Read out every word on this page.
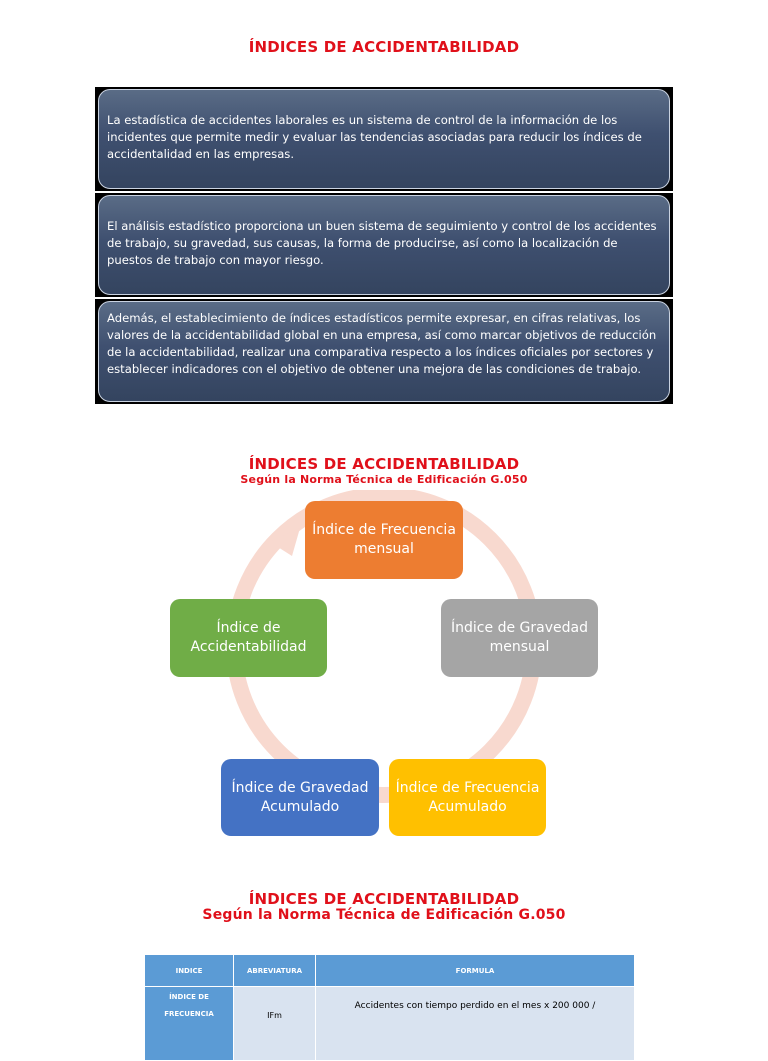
ÍNDICES DE ACCIDENTABILIDAD
La estadística de accidentes laborales es un sistema de control de la información de los incidentes que permite medir y evaluar las tendencias asociadas para reducir los índices de accidentalidad en las empresas.
El análisis estadístico proporciona un buen sistema de seguimiento y control de los accidentes de trabajo, su gravedad, sus causas, la forma de producirse, así como la localización de puestos de trabajo con mayor riesgo.
Además, el establecimiento de índices estadísticos permite expresar, en cifras relativas, los valores de la accidentabilidad global en una empresa, así como marcar objetivos de reducción de la accidentabilidad, realizar una comparativa respecto a los índices oficiales por sectores y establecer indicadores con el objetivo de obtener una mejora de las condiciones de trabajo.
ÍNDICES DE ACCIDENTABILIDAD
Según la Norma Técnica de Edificación G.050
Índice de Frecuencia mensual
Índice de Gravedad mensual
Índice de Frecuencia Acumulado
Índice de Gravedad Acumulado
Índice de Accidentabilidad
ÍNDICES DE ACCIDENTABILIDAD
Según la Norma Técnica de Edificación G.050
INDICE	ABREVIATURA	FORMULA
ÍNDICE DE FRECUENCIA	IFm	Accidentes con tiempo perdido en el mes x 200 000 /
